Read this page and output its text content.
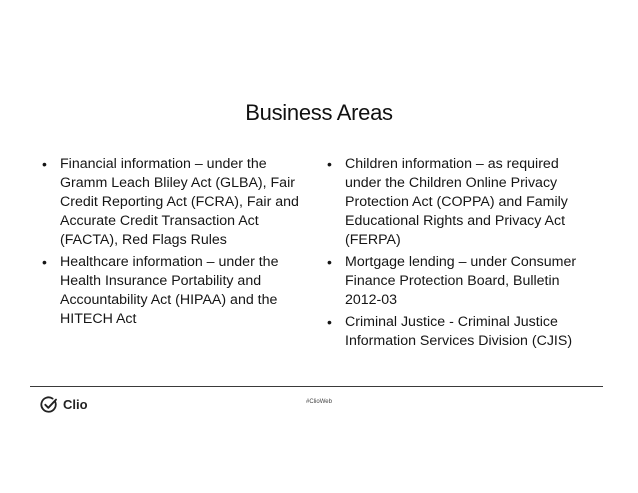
Business Areas
• Financial information – under the Gramm Leach Bliley Act (GLBA), Fair Credit Reporting Act (FCRA), Fair and Accurate Credit Transaction Act (FACTA), Red Flags Rules
• Healthcare information – under the Health Insurance Portability and Accountability Act (HIPAA) and the HITECH Act
• Children information – as required under the Children Online Privacy Protection Act (COPPA) and Family Educational Rights and Privacy Act (FERPA)
• Mortgage lending – under Consumer Finance Protection Board, Bulletin 2012-03
• Criminal Justice - Criminal Justice Information Services Division (CJIS)
Clio	#ClioWeb
